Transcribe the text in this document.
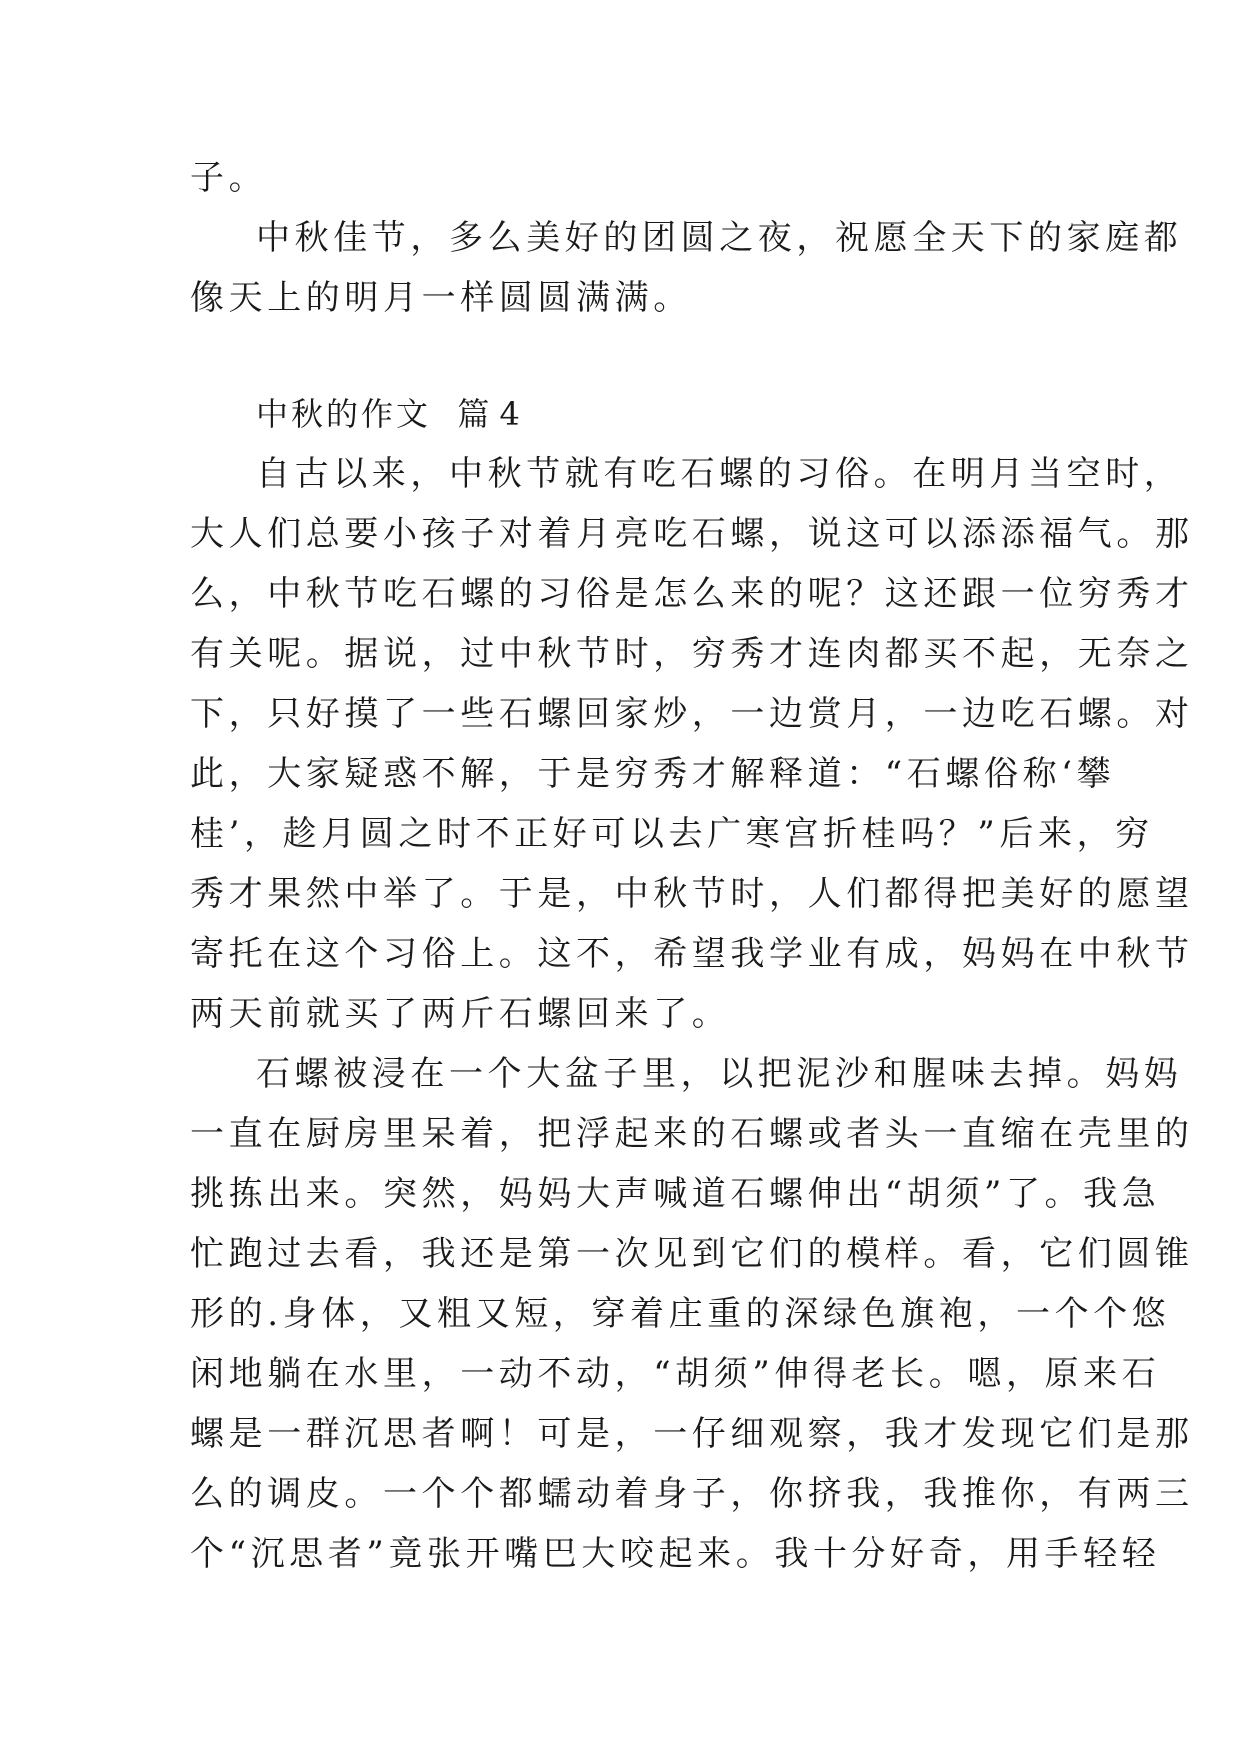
子。
中秋佳节，多么美好的团圆之夜，祝愿全天下的家庭都
像天上的明月一样圆圆满满。
中秋的作文 篇 4
自古以来，中秋节就有吃石螺的习俗。在明月当空时，
大人们总要小孩子对着月亮吃石螺，说这可以添添福气。那
么，中秋节吃石螺的习俗是怎么来的呢？这还跟一位穷秀才
有关呢。据说，过中秋节时，穷秀才连肉都买不起，无奈之
下，只好摸了一些石螺回家炒，一边赏月，一边吃石螺。对
此，大家疑惑不解，于是穷秀才解释道：“石螺俗称‘攀
桂’，趁月圆之时不正好可以去广寒宫折桂吗？”后来，穷
秀才果然中举了。于是，中秋节时，人们都得把美好的愿望
寄托在这个习俗上。这不，希望我学业有成，妈妈在中秋节
两天前就买了两斤石螺回来了。
石螺被浸在一个大盆子里，以把泥沙和腥味去掉。妈妈
一直在厨房里呆着，把浮起来的石螺或者头一直缩在壳里的
挑拣出来。突然，妈妈大声喊道石螺伸出“胡须”了。我急
忙跑过去看，我还是第一次见到它们的模样。看，它们圆锥
形的.身体，又粗又短，穿着庄重的深绿色旗袍，一个个悠
闲地躺在水里，一动不动，“胡须”伸得老长。嗯，原来石
螺是一群沉思者啊！可是，一仔细观察，我才发现它们是那
么的调皮。一个个都蠕动着身子，你挤我，我推你，有两三
个“沉思者”竟张开嘴巴大咬起来。我十分好奇，用手轻轻
